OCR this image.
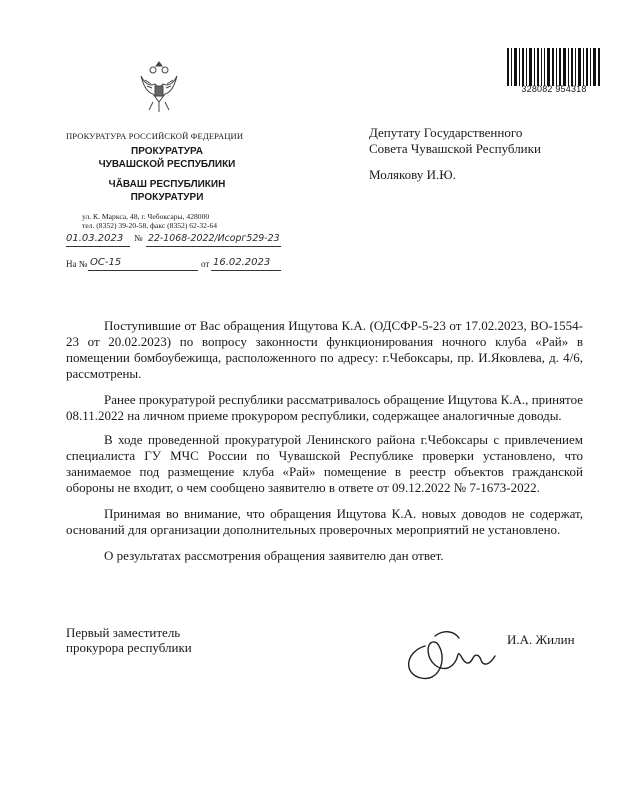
328082 954318
ПРОКУРАТУРА РОССИЙСКОЙ ФЕДЕРАЦИИ
ПРОКУРАТУРА
ЧУВАШСКОЙ РЕСПУБЛИКИ
ЧĂВАШ РЕСПУБЛИКИН
ПРОКУРАТУРИ
ул. К. Маркса, 48, г. Чебоксары, 428000
тел. (8352) 39-20-58, факс (8352) 62-32-64
01.03.2023 № 22-1068-2022/Исорг529-23
На № ОС-15	от 16.02.2023
Депутату Государственного
Совета Чувашской Республики
Молякову И.Ю.

Поступившие от Вас обращения Ищутова К.А. (ОДСФР-5-23 от 17.02.2023, ВО-1554-23 от 20.02.2023) по вопросу законности функционирования ночного клуба «Рай» в помещении бомбоубежища, расположенного по адресу: г.Чебоксары, пр. И.Яковлева, д. 4/6, рассмотрены.

Ранее прокуратурой республики рассматривалось обращение Ищутова К.А., принятое 08.11.2022 на личном приеме прокурором республики, содержащее аналогичные доводы.

В ходе проведенной прокуратурой Ленинского района г.Чебоксары с привлечением специалиста ГУ МЧС России по Чувашской Республике проверки установлено, что занимаемое под размещение клуба «Рай» помещение в реестр объектов гражданской обороны не входит, о чем сообщено заявителю в ответе от 09.12.2022 № 7-1673-2022.

Принимая во внимание, что обращения Ищутова К.А. новых доводов не содержат, оснований для организации дополнительных проверочных мероприятий не установлено.

О результатах рассмотрения обращения заявителю дан ответ.

Первый заместитель
прокурора республики
И.А. Жилин
